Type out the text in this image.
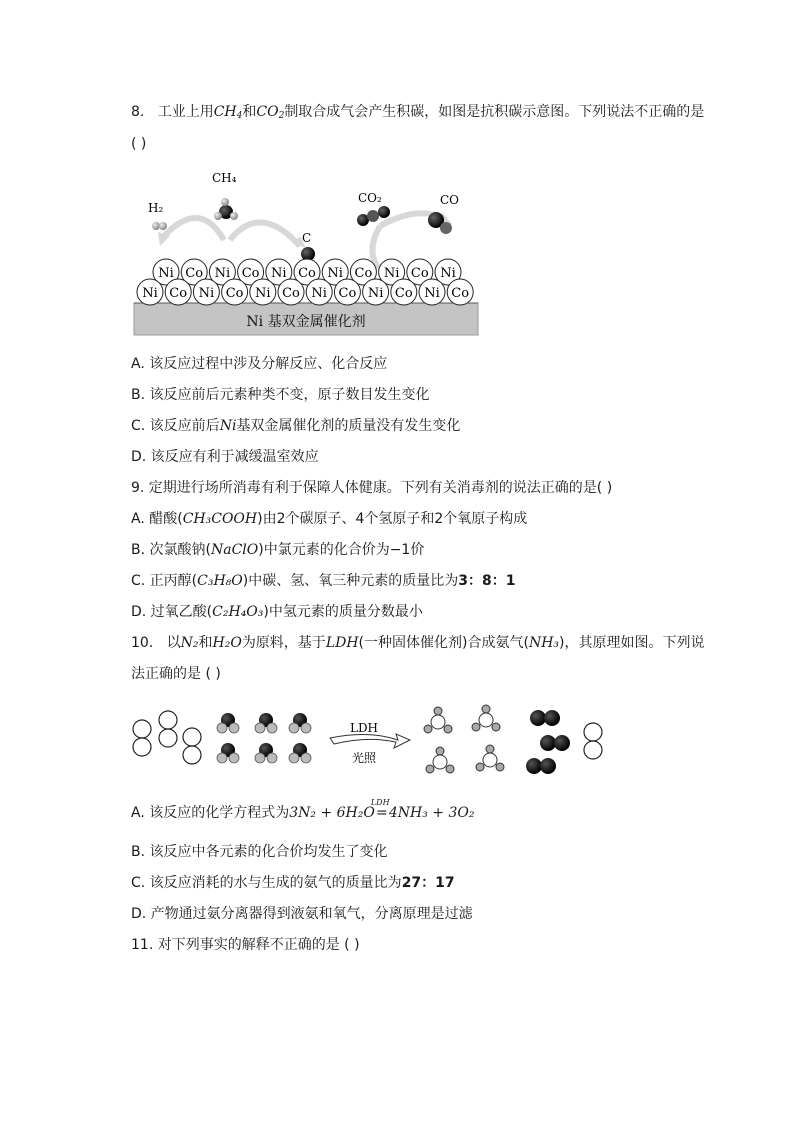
8. 工业上用$CH_4$和$CO_2$制取合成气会产生积碳，如图是抗积碳示意图。下列说法不正确的是
( )
Ni 基双金属催化剂
CH₄
H₂
C
CO₂	CO
Ni Co Ni Co Ni Co Ni Co Ni Co Ni
Ni Co Ni Co Ni Co Ni Co Ni Co Ni Co
A. 该反应过程中涉及分解反应、化合反应
B. 该反应前后元素种类不变，原子数目发生变化
C. 该反应前后Ni基双金属催化剂的质量没有发生变化
D. 该反应有利于减缓温室效应
9. 定期进行场所消毒有利于保障人体健康。下列有关消毒剂的说法正确的是( )
A. 醋酸(CH₃COOH)由2个碳原子、4个氢原子和2个氧原子构成
B. 次氯酸钠(NaClO)中氯元素的化合价为−1价
C. 正丙醇(C₃H₈O)中碳、氢、氧三种元素的质量比为3：8：1
D. 过氧乙酸(C₂H₄O₃)中氢元素的质量分数最小
10. 以N₂和H₂O为原料，基于LDH(一种固体催化剂)合成氨气(NH₃)，其原理如图。下列说
法正确的是 ( )
LDH
光照
A. 该反应的化学方程式为3N₂ + 6H₂O
LDH
=4NH₃ + 3O₂
B. 该反应中各元素的化合价均发生了变化
C. 该反应消耗的水与生成的氨气的质量比为27：17
D. 产物通过氨分离器得到液氨和氧气，分离原理是过滤
11. 对下列事实的解释不正确的是 ( )
